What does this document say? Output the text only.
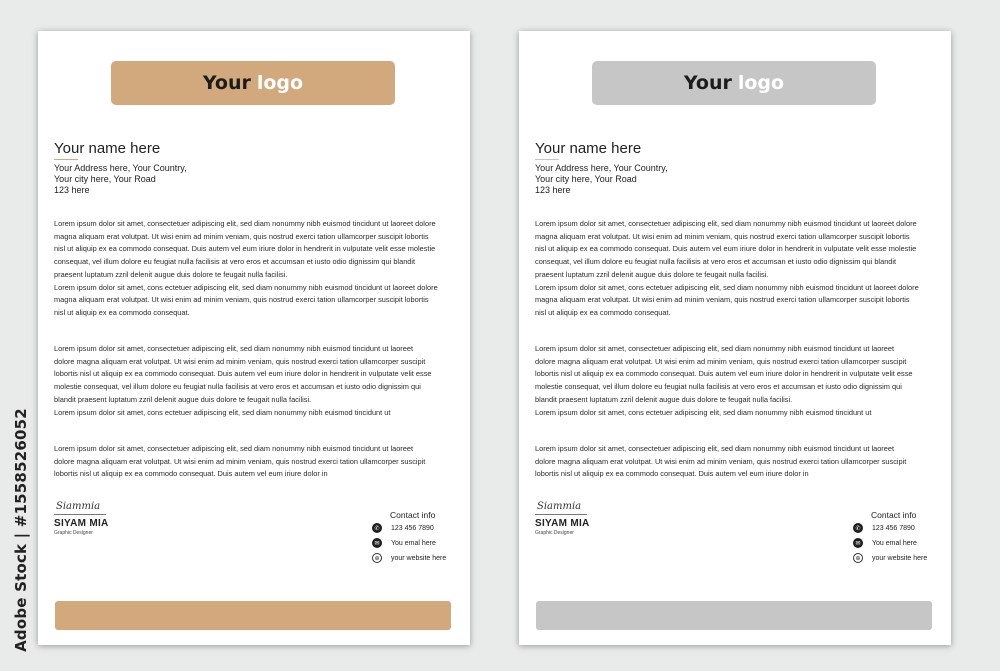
Adobe Stock | #1558526052
Your logo
Your name here
Your Address here, Your Country,
Your city here, Your Road
123 here
Lorem ipsum dolor sit amet, consectetuer adipiscing elit, sed diam nonummy nibh euismod tincidunt ut laoreet dolore
magna aliquam erat volutpat. Ut wisi enim ad minim veniam, quis nostrud exerci tation ullamcorper suscipit lobortis
nisl ut aliquip ex ea commodo consequat. Duis autem vel eum iriure dolor in hendrerit in vulputate velit esse molestie
consequat, vel illum dolore eu feugiat nulla facilisis at vero eros et accumsan et iusto odio dignissim qui blandit
praesent luptatum zzril delenit augue duis dolore te feugait nulla facilisi.
Lorem ipsum dolor sit amet, cons ectetuer adipiscing elit, sed diam nonummy nibh euismod tincidunt ut laoreet dolore
magna aliquam erat volutpat. Ut wisi enim ad minim veniam, quis nostrud exerci tation ullamcorper suscipit lobortis
nisl ut aliquip ex ea commodo consequat.
Lorem ipsum dolor sit amet, consectetuer adipiscing elit, sed diam nonummy nibh euismod tincidunt ut laoreet
dolore magna aliquam erat volutpat. Ut wisi enim ad minim veniam, quis nostrud exerci tation ullamcorper suscipit
lobortis nisl ut aliquip ex ea commodo consequat. Duis autem vel eum iriure dolor in hendrerit in vulputate velit esse
molestie consequat, vel illum dolore eu feugiat nulla facilisis at vero eros et accumsan et iusto odio dignissim qui
blandit praesent luptatum zzril delenit augue duis dolore te feugait nulla facilisi.
Lorem ipsum dolor sit amet, cons ectetuer adipiscing elit, sed diam nonummy nibh euismod tincidunt ut
Lorem ipsum dolor sit amet, consectetuer adipiscing elit, sed diam nonummy nibh euismod tincidunt ut laoreet
dolore magna aliquam erat volutpat. Ut wisi enim ad minim veniam, quis nostrud exerci tation ullamcorper suscipit
lobortis nisl ut aliquip ex ea commodo consequat. Duis autem vel eum iriure dolor in
Siammia
SIYAM MIA
Graphic Designer
Contact info
✆	123 456 7890
✉	You emal here
⊕	your website here
Your logo
Your name here
Your Address here, Your Country,
Your city here, Your Road
123 here
Lorem ipsum dolor sit amet, consectetuer adipiscing elit, sed diam nonummy nibh euismod tincidunt ut laoreet dolore
magna aliquam erat volutpat. Ut wisi enim ad minim veniam, quis nostrud exerci tation ullamcorper suscipit lobortis
nisl ut aliquip ex ea commodo consequat. Duis autem vel eum iriure dolor in hendrerit in vulputate velit esse molestie
consequat, vel illum dolore eu feugiat nulla facilisis at vero eros et accumsan et iusto odio dignissim qui blandit
praesent luptatum zzril delenit augue duis dolore te feugait nulla facilisi.
Lorem ipsum dolor sit amet, cons ectetuer adipiscing elit, sed diam nonummy nibh euismod tincidunt ut laoreet dolore
magna aliquam erat volutpat. Ut wisi enim ad minim veniam, quis nostrud exerci tation ullamcorper suscipit lobortis
nisl ut aliquip ex ea commodo consequat.
Lorem ipsum dolor sit amet, consectetuer adipiscing elit, sed diam nonummy nibh euismod tincidunt ut laoreet
dolore magna aliquam erat volutpat. Ut wisi enim ad minim veniam, quis nostrud exerci tation ullamcorper suscipit
lobortis nisl ut aliquip ex ea commodo consequat. Duis autem vel eum iriure dolor in hendrerit in vulputate velit esse
molestie consequat, vel illum dolore eu feugiat nulla facilisis at vero eros et accumsan et iusto odio dignissim qui
blandit praesent luptatum zzril delenit augue duis dolore te feugait nulla facilisi.
Lorem ipsum dolor sit amet, cons ectetuer adipiscing elit, sed diam nonummy nibh euismod tincidunt ut
Lorem ipsum dolor sit amet, consectetuer adipiscing elit, sed diam nonummy nibh euismod tincidunt ut laoreet
dolore magna aliquam erat volutpat. Ut wisi enim ad minim veniam, quis nostrud exerci tation ullamcorper suscipit
lobortis nisl ut aliquip ex ea commodo consequat. Duis autem vel eum iriure dolor in
Siammia
SIYAM MIA
Graphic Designer
Contact info
✆	123 456 7890
✉	You emal here
⊕	your website here
